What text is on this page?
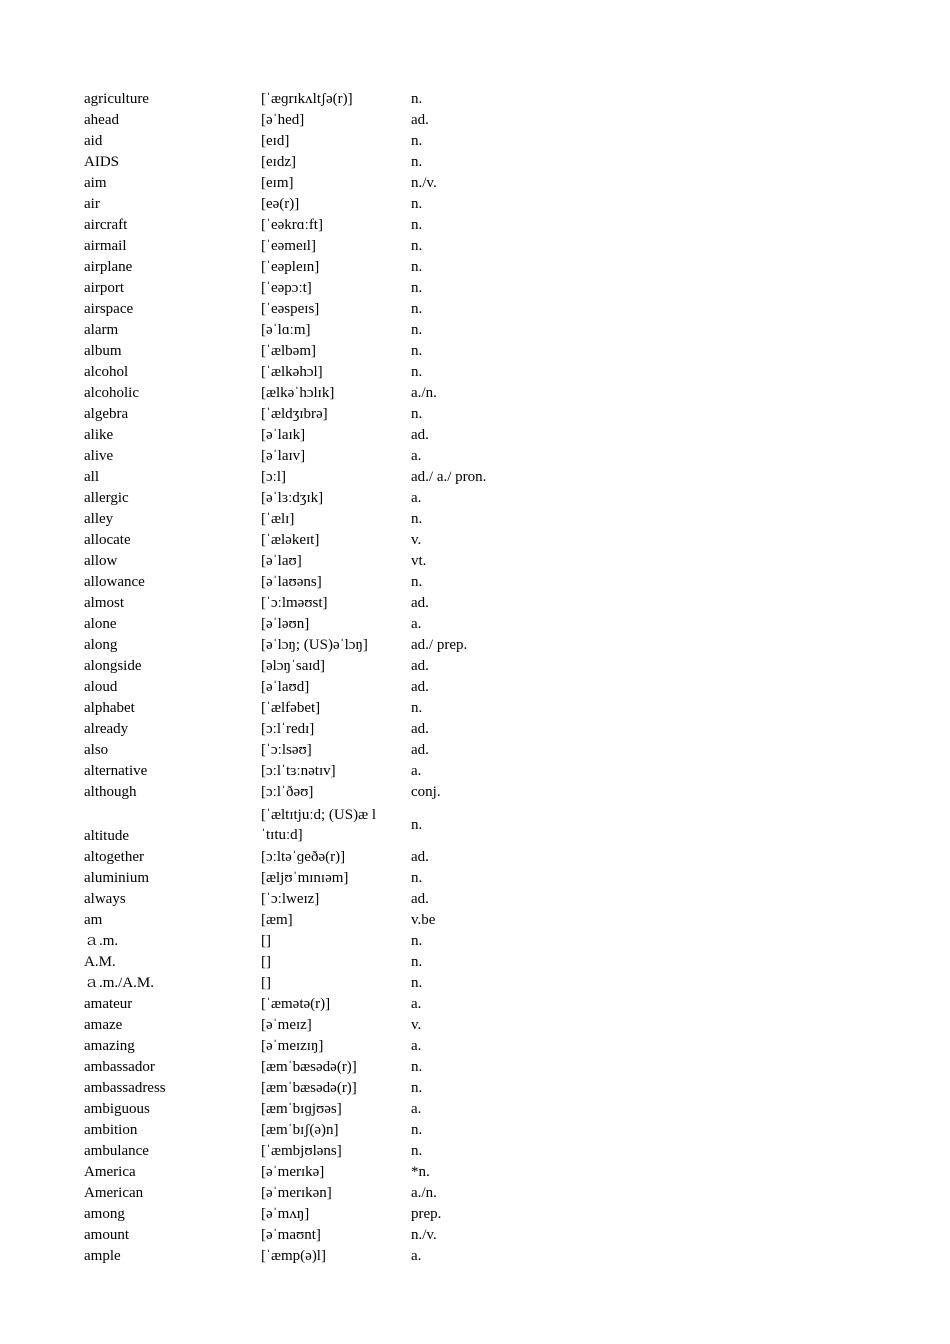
agriculture	[ˈæɡrɪkʌltʃə(r)]	n.
ahead	[əˈhed]	ad.
aid	[eɪd]	n.
AIDS	[eɪdz]	n.
aim	[eɪm]	n./v.
air	[eə(r)]	n.
aircraft	[ˈeəkrɑːft]	n.
airmail	[ˈeəmeɪl]	n.
airplane	[ˈeəpleɪn]	n.
airport	[ˈeəpɔːt]	n.
airspace	[ˈeəspeɪs]	n.
alarm	[əˈlɑːm]	n.
album	[ˈælbəm]	n.
alcohol	[ˈælkəhɔl]	n.
alcoholic	[ælkəˈhɔlɪk]	a./n.
algebra	[ˈældʒɪbrə]	n.
alike	[əˈlaɪk]	ad.
alive	[əˈlaɪv]	a.
all	[ɔːl]	ad./ a./ pron.
allergic	[əˈlɜːdʒɪk]	a.
alley	[ˈælɪ]	n.
allocate	[ˈæləkeɪt]	v.
allow	[əˈlaʊ]	vt.
allowance	[əˈlaʊəns]	n.
almost	[ˈɔːlməʊst]	ad.
alone	[əˈləʊn]	a.
along	[əˈlɔŋ; (US)əˈlɔŋ]	ad./ prep.
alongside	[əlɔŋˈsaɪd]	ad.
aloud	[əˈlaʊd]	ad.
alphabet	[ˈælfəbet]	n.
already	[ɔːlˈredɪ]	ad.
also	[ˈɔːlsəʊ]	ad.
alternative	[ɔːlˈtɜːnətɪv]	a.
although	[ɔːlˈðəʊ]	conj.
altitude	[ˈæltɪtjuːd; (US)æ lˈtɪtuːd]	n.
altogether	[ɔːltəˈɡeðə(r)]	ad.
aluminium	[æljʊˈmɪnɪəm]	n.
always	[ˈɔːlweɪz]	ad.
am	[æm]	v.be
ａ.m.	[]	n.
A.M.	[]	n.
ａ.m./A.M.	[]	n.
amateur	[ˈæmətə(r)]	a.
amaze	[əˈmeɪz]	v.
amazing	[əˈmeɪzɪŋ]	a.
ambassador	[æmˈbæsədə(r)]	n.
ambassadress	[æmˈbæsədə(r)]	n.
ambiguous	[æmˈbɪɡjʊəs]	a.
ambition	[æmˈbɪʃ(ə)n]	n.
ambulance	[ˈæmbjʊləns]	n.
America	[əˈmerɪkə]	*n.
American	[əˈmerɪkən]	a./n.
among	[əˈmʌŋ]	prep.
amount	[əˈmaʊnt]	n./v.
ample	[ˈæmp(ə)l]	a.
